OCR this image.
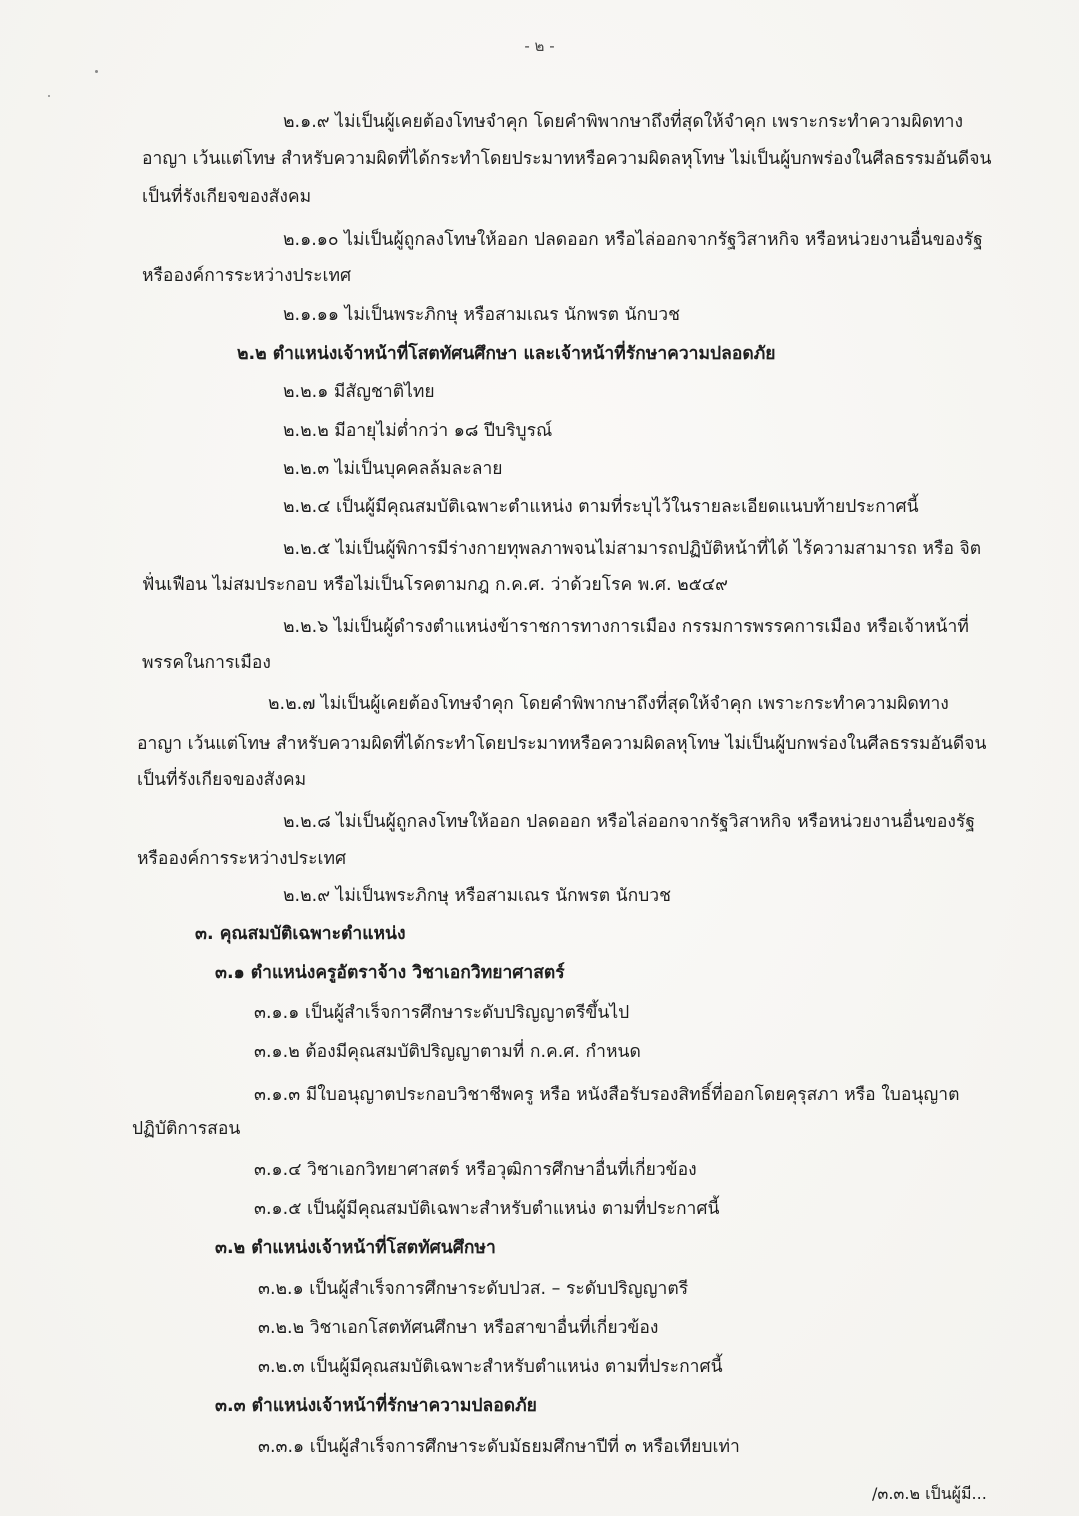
- ๒ -
๒.๑.๙ ไม่เป็นผู้เคยต้องโทษจำคุก โดยคำพิพากษาถึงที่สุดให้จำคุก เพราะกระทำความผิดทาง
อาญา เว้นแต่โทษ สำหรับความผิดที่ได้กระทำโดยประมาทหรือความผิดลหุโทษ ไม่เป็นผู้บกพร่องในศีลธรรมอันดีจน
เป็นที่รังเกียจของสังคม
๒.๑.๑๐ ไม่เป็นผู้ถูกลงโทษให้ออก ปลดออก หรือไล่ออกจากรัฐวิสาหกิจ หรือหน่วยงานอื่นของรัฐ
หรือองค์การระหว่างประเทศ
๒.๑.๑๑ ไม่เป็นพระภิกษุ หรือสามเณร นักพรต นักบวช
๒.๒ ตำแหน่งเจ้าหน้าที่โสตทัศนศึกษา และเจ้าหน้าที่รักษาความปลอดภัย
๒.๒.๑ มีสัญชาติไทย
๒.๒.๒ มีอายุไม่ต่ำกว่า ๑๘ ปีบริบูรณ์
๒.๒.๓ ไม่เป็นบุคคลล้มละลาย
๒.๒.๔ เป็นผู้มีคุณสมบัติเฉพาะตำแหน่ง ตามที่ระบุไว้ในรายละเอียดแนบท้ายประกาศนี้
๒.๒.๕ ไม่เป็นผู้พิการมีร่างกายทุพลภาพจนไม่สามารถปฏิบัติหน้าที่ได้ ไร้ความสามารถ หรือ จิต
ฟั่นเฟือน ไม่สมประกอบ หรือไม่เป็นโรคตามกฎ ก.ค.ศ. ว่าด้วยโรค พ.ศ. ๒๕๔๙
๒.๒.๖ ไม่เป็นผู้ดำรงตำแหน่งข้าราชการทางการเมือง กรรมการพรรคการเมือง หรือเจ้าหน้าที่
พรรคในการเมือง
๒.๒.๗ ไม่เป็นผู้เคยต้องโทษจำคุก โดยคำพิพากษาถึงที่สุดให้จำคุก เพราะกระทำความผิดทาง
อาญา เว้นแต่โทษ สำหรับความผิดที่ได้กระทำโดยประมาทหรือความผิดลหุโทษ ไม่เป็นผู้บกพร่องในศีลธรรมอันดีจน
เป็นที่รังเกียจของสังคม
๒.๒.๘ ไม่เป็นผู้ถูกลงโทษให้ออก ปลดออก หรือไล่ออกจากรัฐวิสาหกิจ หรือหน่วยงานอื่นของรัฐ
หรือองค์การระหว่างประเทศ
๒.๒.๙ ไม่เป็นพระภิกษุ หรือสามเณร นักพรต นักบวช
๓. คุณสมบัติเฉพาะตำแหน่ง
๓.๑ ตำแหน่งครูอัตราจ้าง วิชาเอกวิทยาศาสตร์
๓.๑.๑ เป็นผู้สำเร็จการศึกษาระดับปริญญาตรีขึ้นไป
๓.๑.๒ ต้องมีคุณสมบัติปริญญาตามที่ ก.ค.ศ. กำหนด
๓.๑.๓ มีใบอนุญาตประกอบวิชาชีพครู หรือ หนังสือรับรองสิทธิ์ที่ออกโดยคุรุสภา หรือ ใบอนุญาต
ปฏิบัติการสอน
๓.๑.๔ วิชาเอกวิทยาศาสตร์ หรือวุฒิการศึกษาอื่นที่เกี่ยวข้อง
๓.๑.๕ เป็นผู้มีคุณสมบัติเฉพาะสำหรับตำแหน่ง ตามที่ประกาศนี้
๓.๒ ตำแหน่งเจ้าหน้าที่โสตทัศนศึกษา
๓.๒.๑ เป็นผู้สำเร็จการศึกษาระดับปวส. – ระดับปริญญาตรี
๓.๒.๒ วิชาเอกโสตทัศนศึกษา หรือสาขาอื่นที่เกี่ยวข้อง
๓.๒.๓ เป็นผู้มีคุณสมบัติเฉพาะสำหรับตำแหน่ง ตามที่ประกาศนี้
๓.๓ ตำแหน่งเจ้าหน้าที่รักษาความปลอดภัย
๓.๓.๑ เป็นผู้สำเร็จการศึกษาระดับมัธยมศึกษาปีที่ ๓ หรือเทียบเท่า
/๓.๓.๒ เป็นผู้มี...
